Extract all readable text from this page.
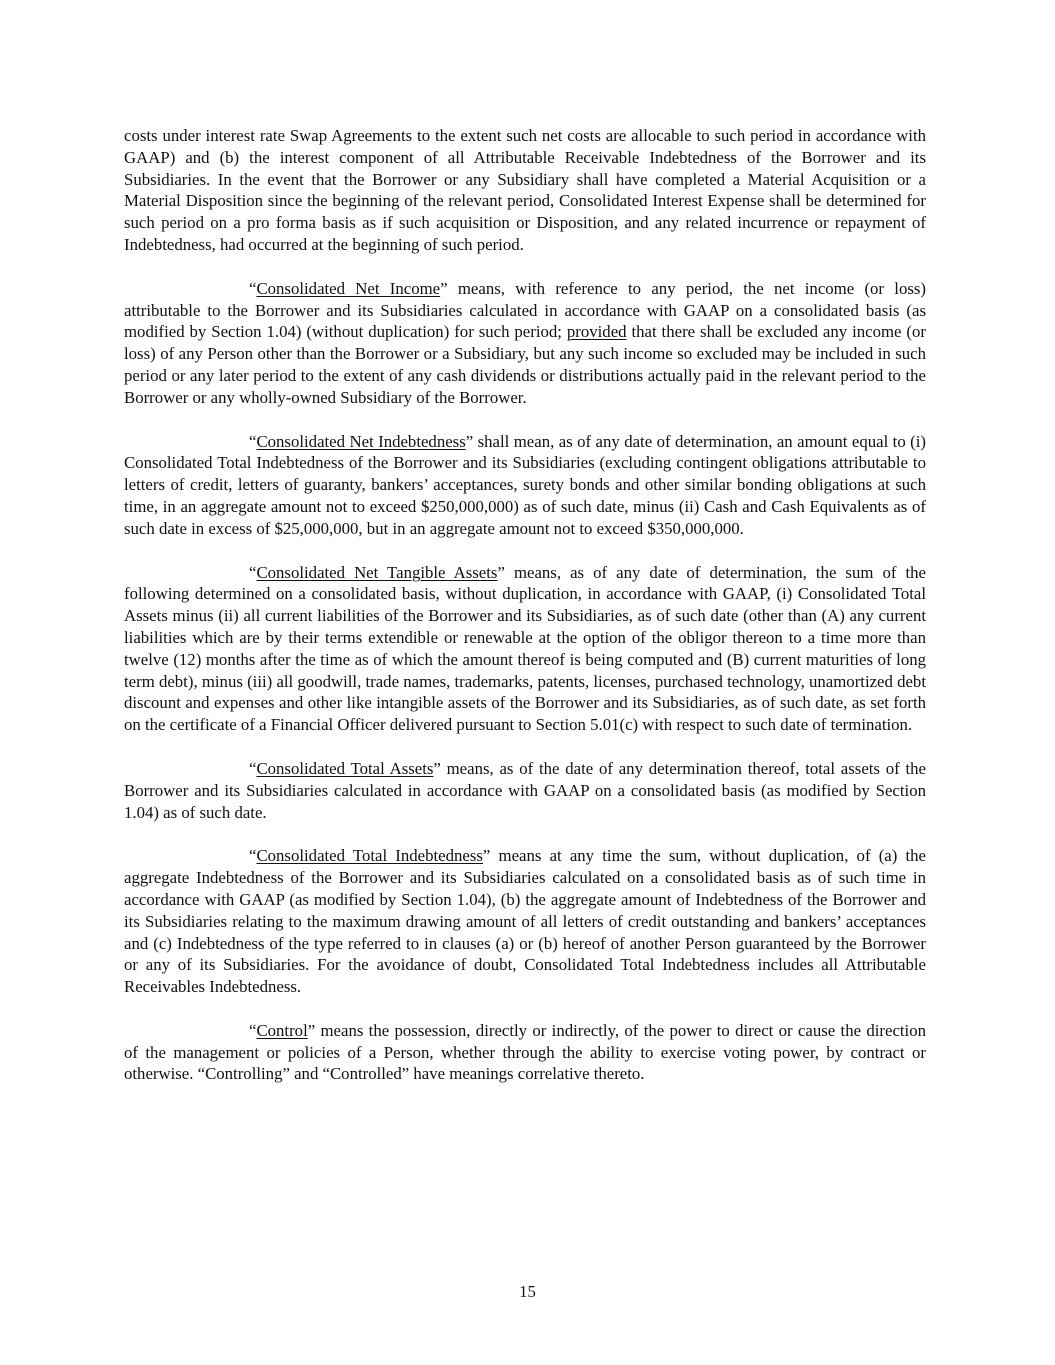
costs under interest rate Swap Agreements to the extent such net costs are allocable to such period in accordance with GAAP) and (b) the interest component of all Attributable Receivable Indebtedness of the Borrower and its Subsidiaries. In the event that the Borrower or any Subsidiary shall have completed a Material Acquisition or a Material Disposition since the beginning of the relevant period, Consolidated Interest Expense shall be determined for such period on a pro forma basis as if such acquisition or Disposition, and any related incurrence or repayment of Indebtedness, had occurred at the beginning of such period.

“Consolidated Net Income” means, with reference to any period, the net income (or loss) attributable to the Borrower and its Subsidiaries calculated in accordance with GAAP on a consolidated basis (as modified by Section 1.04) (without duplication) for such period; provided that there shall be excluded any income (or loss) of any Person other than the Borrower or a Subsidiary, but any such income so excluded may be included in such period or any later period to the extent of any cash dividends or distributions actually paid in the relevant period to the Borrower or any wholly-owned Subsidiary of the Borrower.

“Consolidated Net Indebtedness” shall mean, as of any date of determination, an amount equal to (i) Consolidated Total Indebtedness of the Borrower and its Subsidiaries (excluding contingent obligations attributable to letters of credit, letters of guaranty, bankers’ acceptances, surety bonds and other similar bonding obligations at such time, in an aggregate amount not to exceed $250,000,000) as of such date, minus (ii) Cash and Cash Equivalents as of such date in excess of $25,000,000, but in an aggregate amount not to exceed $350,000,000.

“Consolidated Net Tangible Assets” means, as of any date of determination, the sum of the following determined on a consolidated basis, without duplication, in accordance with GAAP, (i) Consolidated Total Assets minus (ii) all current liabilities of the Borrower and its Subsidiaries, as of such date (other than (A) any current liabilities which are by their terms extendible or renewable at the option of the obligor thereon to a time more than twelve (12) months after the time as of which the amount thereof is being computed and (B) current maturities of long term debt), minus (iii) all goodwill, trade names, trademarks, patents, licenses, purchased technology, unamortized debt discount and expenses and other like intangible assets of the Borrower and its Subsidiaries, as of such date, as set forth on the certificate of a Financial Officer delivered pursuant to Section 5.01(c) with respect to such date of termination.

“Consolidated Total Assets” means, as of the date of any determination thereof, total assets of the Borrower and its Subsidiaries calculated in accordance with GAAP on a consolidated basis (as modified by Section 1.04) as of such date.

“Consolidated Total Indebtedness” means at any time the sum, without duplication, of (a) the aggregate Indebtedness of the Borrower and its Subsidiaries calculated on a consolidated basis as of such time in accordance with GAAP (as modified by Section 1.04), (b) the aggregate amount of Indebtedness of the Borrower and its Subsidiaries relating to the maximum drawing amount of all letters of credit outstanding and bankers’ acceptances and (c) Indebtedness of the type referred to in clauses (a) or (b) hereof of another Person guaranteed by the Borrower or any of its Subsidiaries. For the avoidance of doubt, Consolidated Total Indebtedness includes all Attributable Receivables Indebtedness.

“Control” means the possession, directly or indirectly, of the power to direct or cause the direction of the management or policies of a Person, whether through the ability to exercise voting power, by contract or otherwise. “Controlling” and “Controlled” have meanings correlative thereto.

15
